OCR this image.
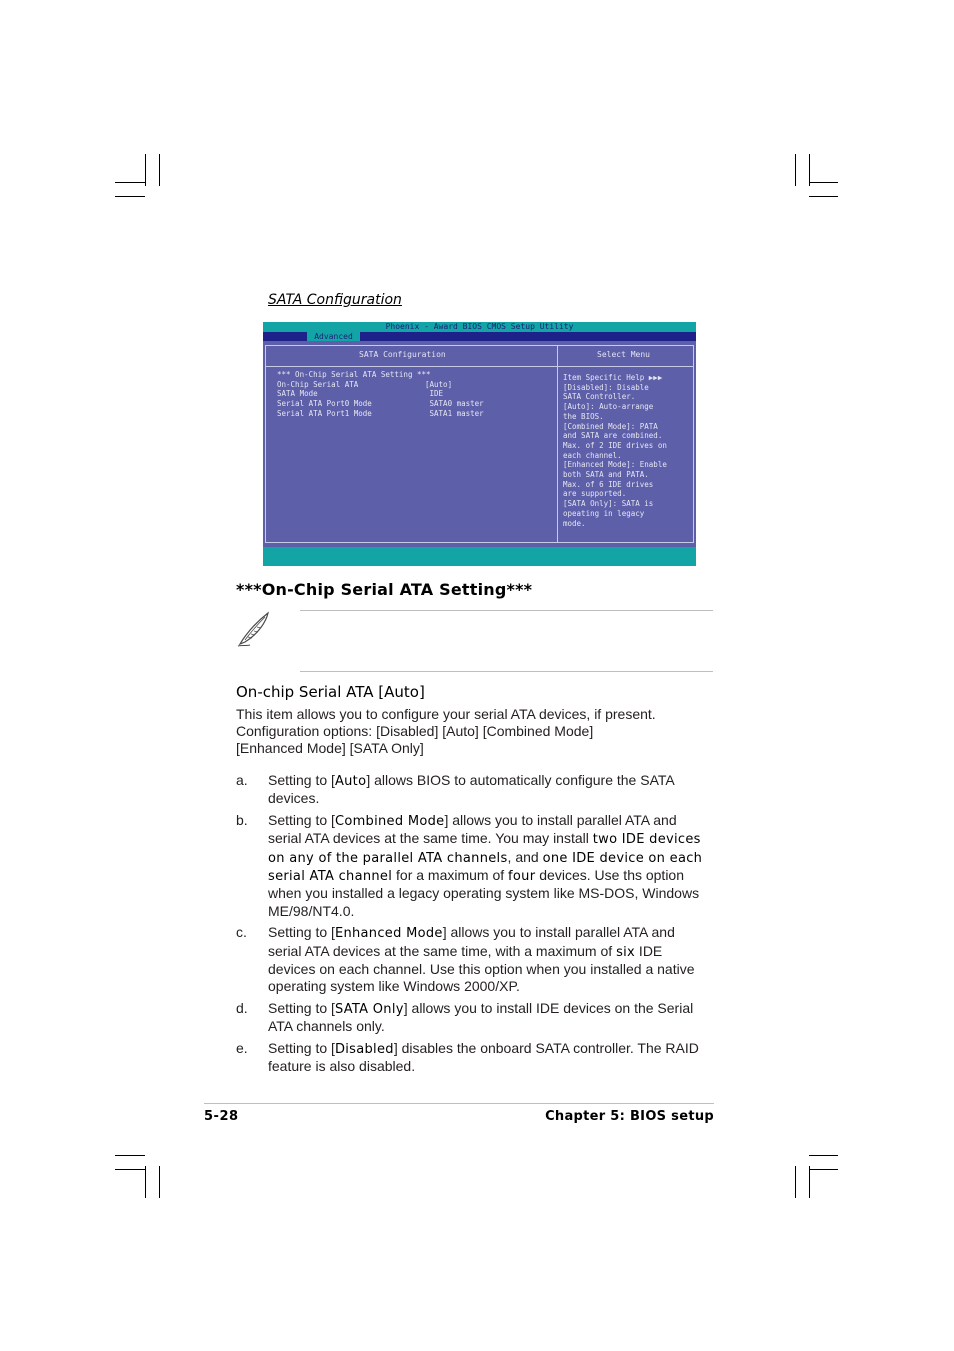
SATA Configuration
Phoenix - Award BIOS CMOS Setup Utility
Advanced
SATA Configuration	Select Menu
*** On-Chip Serial ATA Setting ***
On-Chip Serial ATA	[Auto]
SATA Mode	IDE
Serial ATA Port0 Mode	SATA0 master
Serial ATA Port1 Mode	SATA1 master
Item Specific Help ▶▶▶
[Disabled]: Disable
SATA Controller.
[Auto]: Auto-arrange
the BIOS.
[Combined Mode]: PATA
and SATA are combined.
Max. of 2 IDE drives on
each channel.
[Enhanced Mode]: Enable
both SATA and PATA.
Max. of 6 IDE drives
are supported.
[SATA Only]: SATA is
opeating in legacy
mode.

***On-Chip Serial ATA Setting***
On-chip Serial ATA [Auto]

This item allows you to configure your serial ATA devices, if present.
Configuration options: [Disabled] [Auto] [Combined Mode]
[Enhanced Mode] [SATA Only]

a.	Setting to [Auto] allows BIOS to automatically configure the SATA devices.
b.	Setting to [Combined Mode] allows you to install parallel ATA and serial ATA devices at the same time. You may install two IDE devices on any of the parallel ATA channels, and one IDE device on each serial ATA channel for a maximum of four devices. Use ths option when you installed a legacy operating system like MS-DOS, Windows ME/98/NT4.0.
c.	Setting to [Enhanced Mode] allows you to install parallel ATA and serial ATA devices at the same time, with a maximum of six IDE devices on each channel. Use this option when you installed a native operating system like Windows 2000/XP.
d.	Setting to [SATA Only] allows you to install IDE devices on the Serial ATA channels only.
e.	Setting to [Disabled] disables the onboard SATA controller. The RAID feature is also disabled.
5-28	Chapter 5: BIOS setup
